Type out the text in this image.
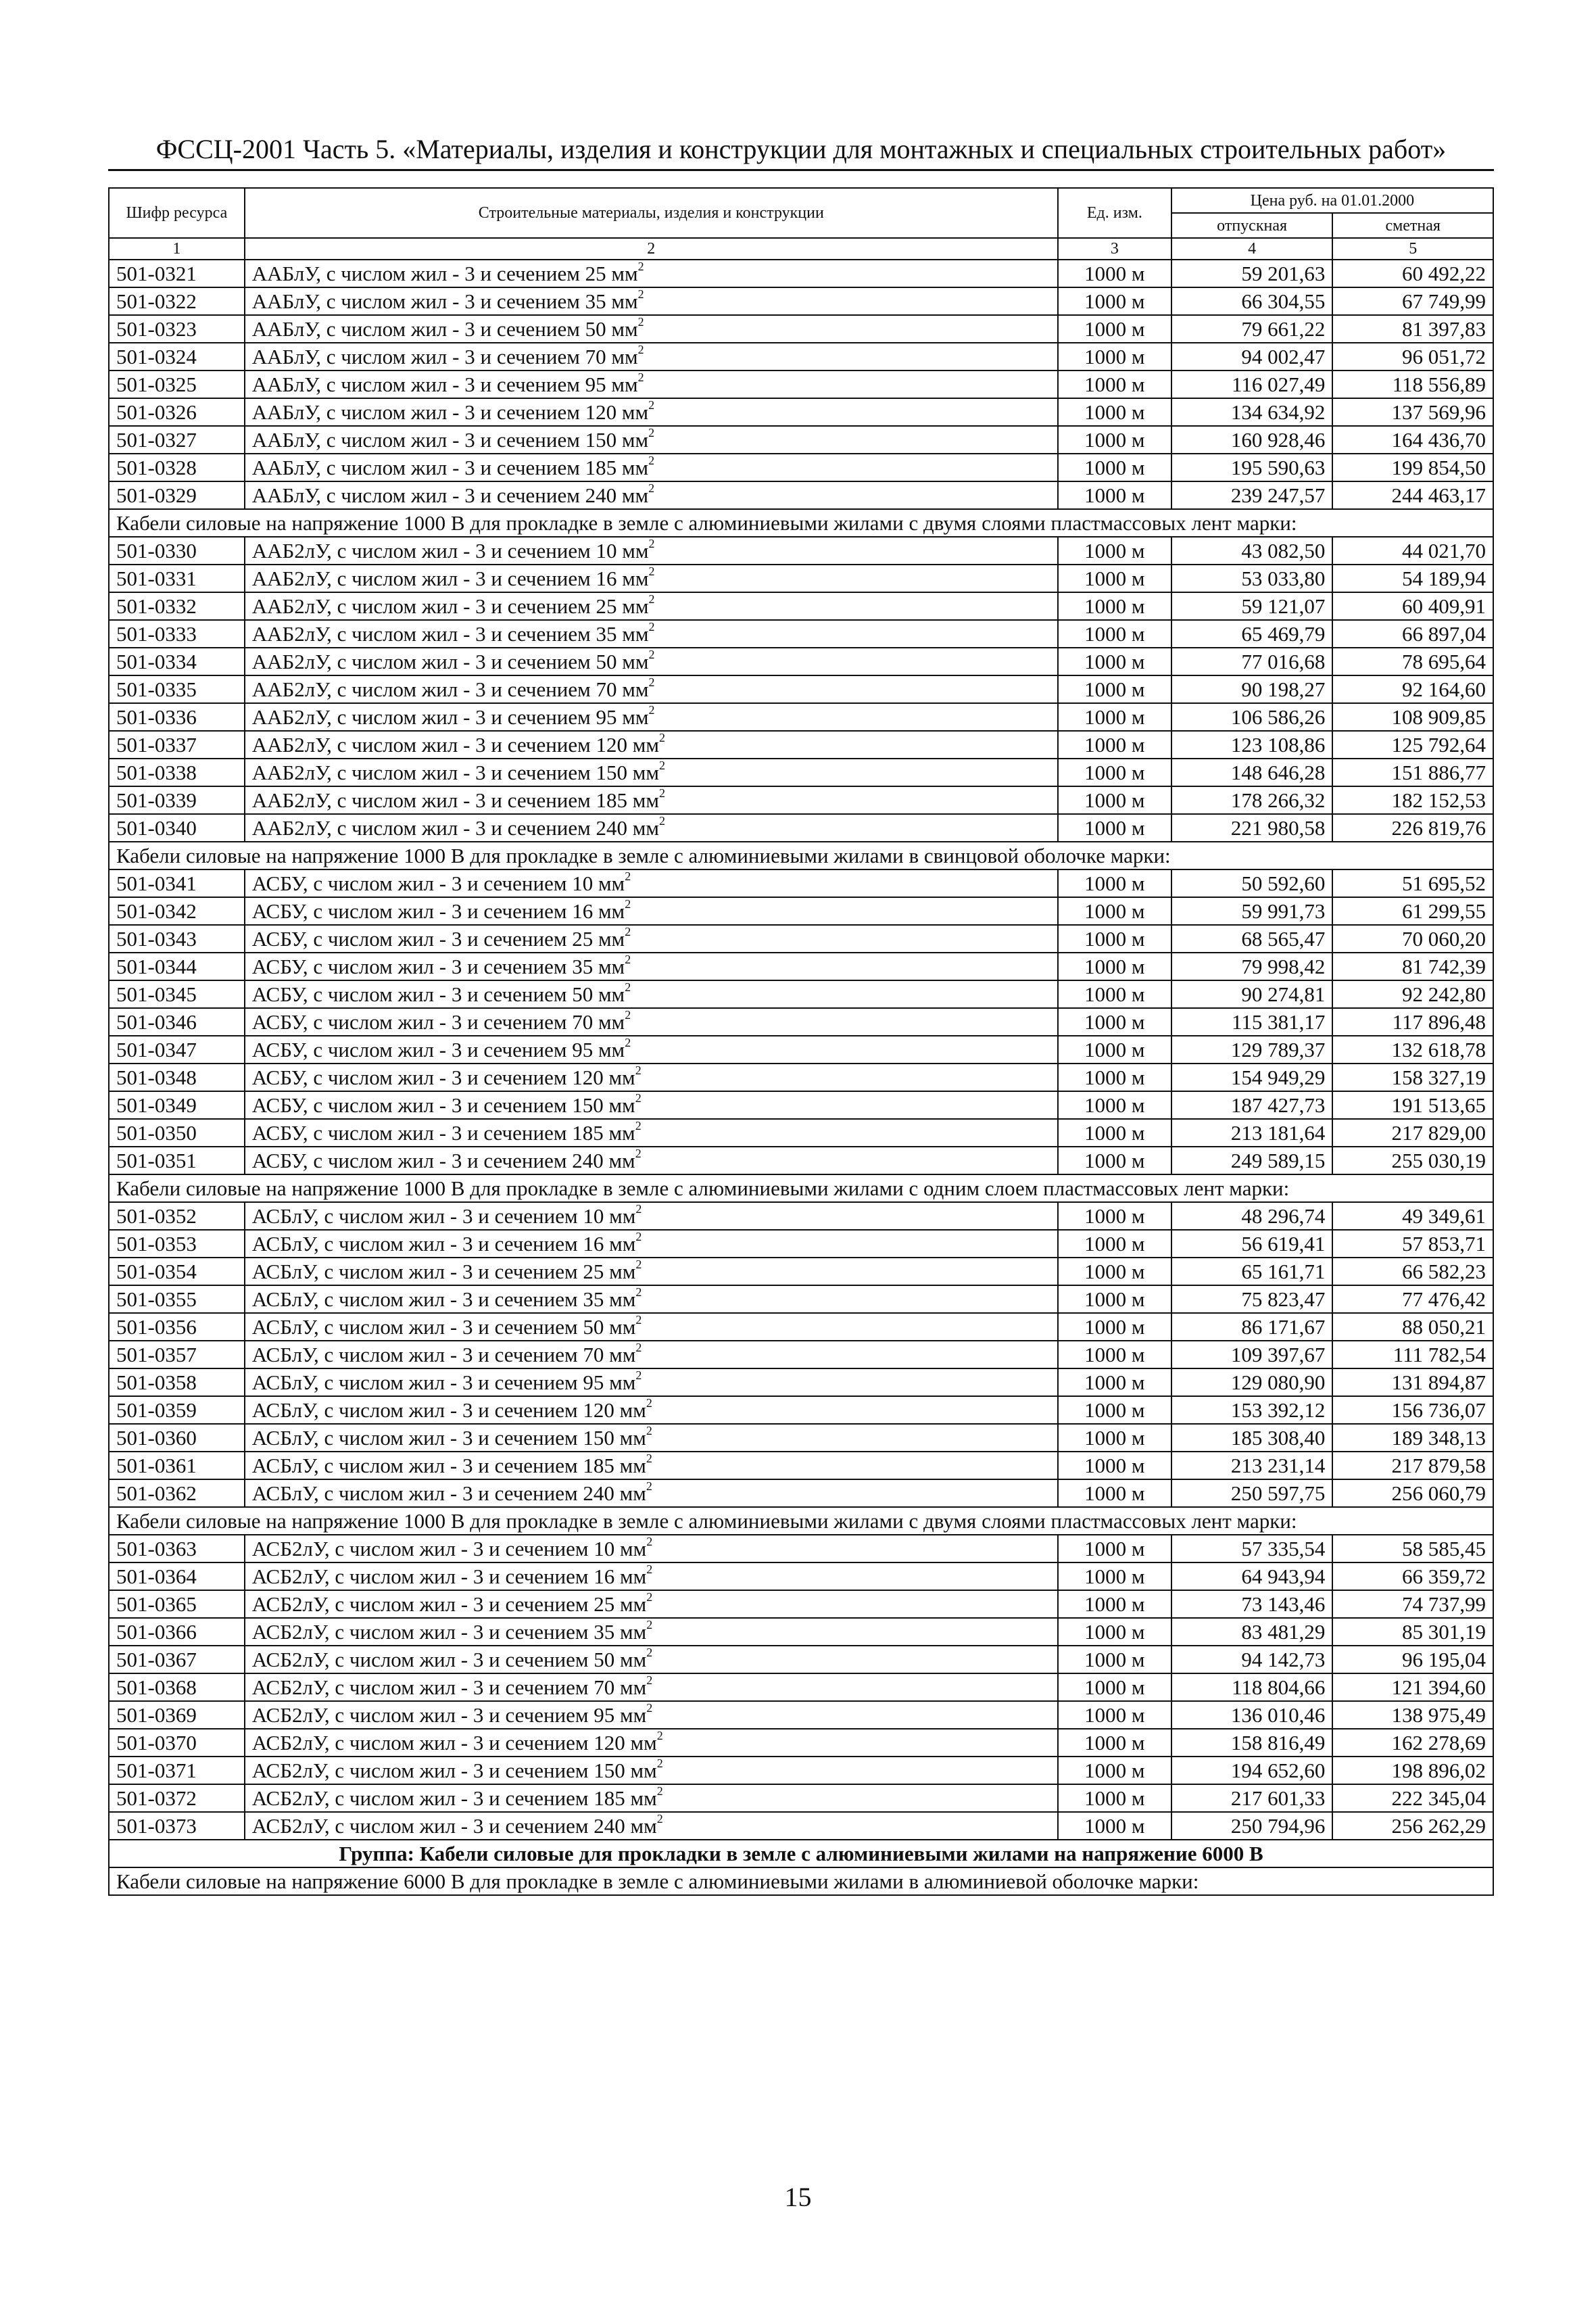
ФССЦ-2001 Часть 5. «Материалы, изделия и конструкции для монтажных и специальных строительных работ»
Шифр ресурса	Строительные материалы, изделия и конструкции	Ед. изм.	Цена руб. на 01.01.2000	
			отпускная	сметная
1	2	3	4	5
501-0321	ААБлУ, с числом жил - 3 и сечением 25 $мм^2$	1000 м	59 201,63	60 492,22
501-0322	ААБлУ, с числом жил - 3 и сечением 35 $мм^2$	1000 м	66 304,55	67 749,99
501-0323	ААБлУ, с числом жил - 3 и сечением 50 $мм^2$	1000 м	79 661,22	81 397,83
501-0324	ААБлУ, с числом жил - 3 и сечением 70 $мм^2$	1000 м	94 002,47	96 051,72
501-0325	ААБлУ, с числом жил - 3 и сечением 95 $мм^2$	1000 м	116 027,49	118 556,89
501-0326	ААБлУ, с числом жил - 3 и сечением 120 $мм^2$	1000 м	134 634,92	137 569,96
501-0327	ААБлУ, с числом жил - 3 и сечением 150 $мм^2$	1000 м	160 928,46	164 436,70
501-0328	ААБлУ, с числом жил - 3 и сечением 185 $мм^2$	1000 м	195 590,63	199 854,50
501-0329	ААБлУ, с числом жил - 3 и сечением 240 $мм^2$	1000 м	239 247,57	244 463,17
Кабели силовые на напряжение 1000 В для прокладке в земле с алюминиевыми жилами с двумя слоями пластмассовых лент марки:				
501-0330	ААБ2лУ, с числом жил - 3 и сечением 10 $мм^2$	1000 м	43 082,50	44 021,70
501-0331	ААБ2лУ, с числом жил - 3 и сечением 16 $мм^2$	1000 м	53 033,80	54 189,94
501-0332	ААБ2лУ, с числом жил - 3 и сечением 25 $мм^2$	1000 м	59 121,07	60 409,91
501-0333	ААБ2лУ, с числом жил - 3 и сечением 35 $мм^2$	1000 м	65 469,79	66 897,04
501-0334	ААБ2лУ, с числом жил - 3 и сечением 50 $мм^2$	1000 м	77 016,68	78 695,64
501-0335	ААБ2лУ, с числом жил - 3 и сечением 70 $мм^2$	1000 м	90 198,27	92 164,60
501-0336	ААБ2лУ, с числом жил - 3 и сечением 95 $мм^2$	1000 м	106 586,26	108 909,85
501-0337	ААБ2лУ, с числом жил - 3 и сечением 120 $мм^2$	1000 м	123 108,86	125 792,64
501-0338	ААБ2лУ, с числом жил - 3 и сечением 150 $мм^2$	1000 м	148 646,28	151 886,77
501-0339	ААБ2лУ, с числом жил - 3 и сечением 185 $мм^2$	1000 м	178 266,32	182 152,53
501-0340	ААБ2лУ, с числом жил - 3 и сечением 240 $мм^2$	1000 м	221 980,58	226 819,76
Кабели силовые на напряжение 1000 В для прокладке в земле с алюминиевыми жилами в свинцовой оболочке марки:				
501-0341	АСБУ, с числом жил - 3 и сечением 10 $мм^2$	1000 м	50 592,60	51 695,52
501-0342	АСБУ, с числом жил - 3 и сечением 16 $мм^2$	1000 м	59 991,73	61 299,55
501-0343	АСБУ, с числом жил - 3 и сечением 25 $мм^2$	1000 м	68 565,47	70 060,20
501-0344	АСБУ, с числом жил - 3 и сечением 35 $мм^2$	1000 м	79 998,42	81 742,39
501-0345	АСБУ, с числом жил - 3 и сечением 50 $мм^2$	1000 м	90 274,81	92 242,80
501-0346	АСБУ, с числом жил - 3 и сечением 70 $мм^2$	1000 м	115 381,17	117 896,48
501-0347	АСБУ, с числом жил - 3 и сечением 95 $мм^2$	1000 м	129 789,37	132 618,78
501-0348	АСБУ, с числом жил - 3 и сечением 120 $мм^2$	1000 м	154 949,29	158 327,19
501-0349	АСБУ, с числом жил - 3 и сечением 150 $мм^2$	1000 м	187 427,73	191 513,65
501-0350	АСБУ, с числом жил - 3 и сечением 185 $мм^2$	1000 м	213 181,64	217 829,00
501-0351	АСБУ, с числом жил - 3 и сечением 240 $мм^2$	1000 м	249 589,15	255 030,19
Кабели силовые на напряжение 1000 В для прокладке в земле с алюминиевыми жилами с одним слоем пластмассовых лент марки:				
501-0352	АСБлУ, с числом жил - 3 и сечением 10 $мм^2$	1000 м	48 296,74	49 349,61
501-0353	АСБлУ, с числом жил - 3 и сечением 16 $мм^2$	1000 м	56 619,41	57 853,71
501-0354	АСБлУ, с числом жил - 3 и сечением 25 $мм^2$	1000 м	65 161,71	66 582,23
501-0355	АСБлУ, с числом жил - 3 и сечением 35 $мм^2$	1000 м	75 823,47	77 476,42
501-0356	АСБлУ, с числом жил - 3 и сечением 50 $мм^2$	1000 м	86 171,67	88 050,21
501-0357	АСБлУ, с числом жил - 3 и сечением 70 $мм^2$	1000 м	109 397,67	111 782,54
501-0358	АСБлУ, с числом жил - 3 и сечением 95 $мм^2$	1000 м	129 080,90	131 894,87
501-0359	АСБлУ, с числом жил - 3 и сечением 120 $мм^2$	1000 м	153 392,12	156 736,07
501-0360	АСБлУ, с числом жил - 3 и сечением 150 $мм^2$	1000 м	185 308,40	189 348,13
501-0361	АСБлУ, с числом жил - 3 и сечением 185 $мм^2$	1000 м	213 231,14	217 879,58
501-0362	АСБлУ, с числом жил - 3 и сечением 240 $мм^2$	1000 м	250 597,75	256 060,79
Кабели силовые на напряжение 1000 В для прокладке в земле с алюминиевыми жилами с двумя слоями пластмассовых лент марки:				
501-0363	АСБ2лУ, с числом жил - 3 и сечением 10 $мм^2$	1000 м	57 335,54	58 585,45
501-0364	АСБ2лУ, с числом жил - 3 и сечением 16 $мм^2$	1000 м	64 943,94	66 359,72
501-0365	АСБ2лУ, с числом жил - 3 и сечением 25 $мм^2$	1000 м	73 143,46	74 737,99
501-0366	АСБ2лУ, с числом жил - 3 и сечением 35 $мм^2$	1000 м	83 481,29	85 301,19
501-0367	АСБ2лУ, с числом жил - 3 и сечением 50 $мм^2$	1000 м	94 142,73	96 195,04
501-0368	АСБ2лУ, с числом жил - 3 и сечением 70 $мм^2$	1000 м	118 804,66	121 394,60
501-0369	АСБ2лУ, с числом жил - 3 и сечением 95 $мм^2$	1000 м	136 010,46	138 975,49
501-0370	АСБ2лУ, с числом жил - 3 и сечением 120 $мм^2$	1000 м	158 816,49	162 278,69
501-0371	АСБ2лУ, с числом жил - 3 и сечением 150 $мм^2$	1000 м	194 652,60	198 896,02
501-0372	АСБ2лУ, с числом жил - 3 и сечением 185 $мм^2$	1000 м	217 601,33	222 345,04
501-0373	АСБ2лУ, с числом жил - 3 и сечением 240 $мм^2$	1000 м	250 794,96	256 262,29
Группа: Кабели силовые для прокладки в земле с алюминиевыми жилами на напряжение 6000 В				
Кабели силовые на напряжение 6000 В для прокладке в земле с алюминиевыми жилами в алюминиевой оболочке марки:				
15
